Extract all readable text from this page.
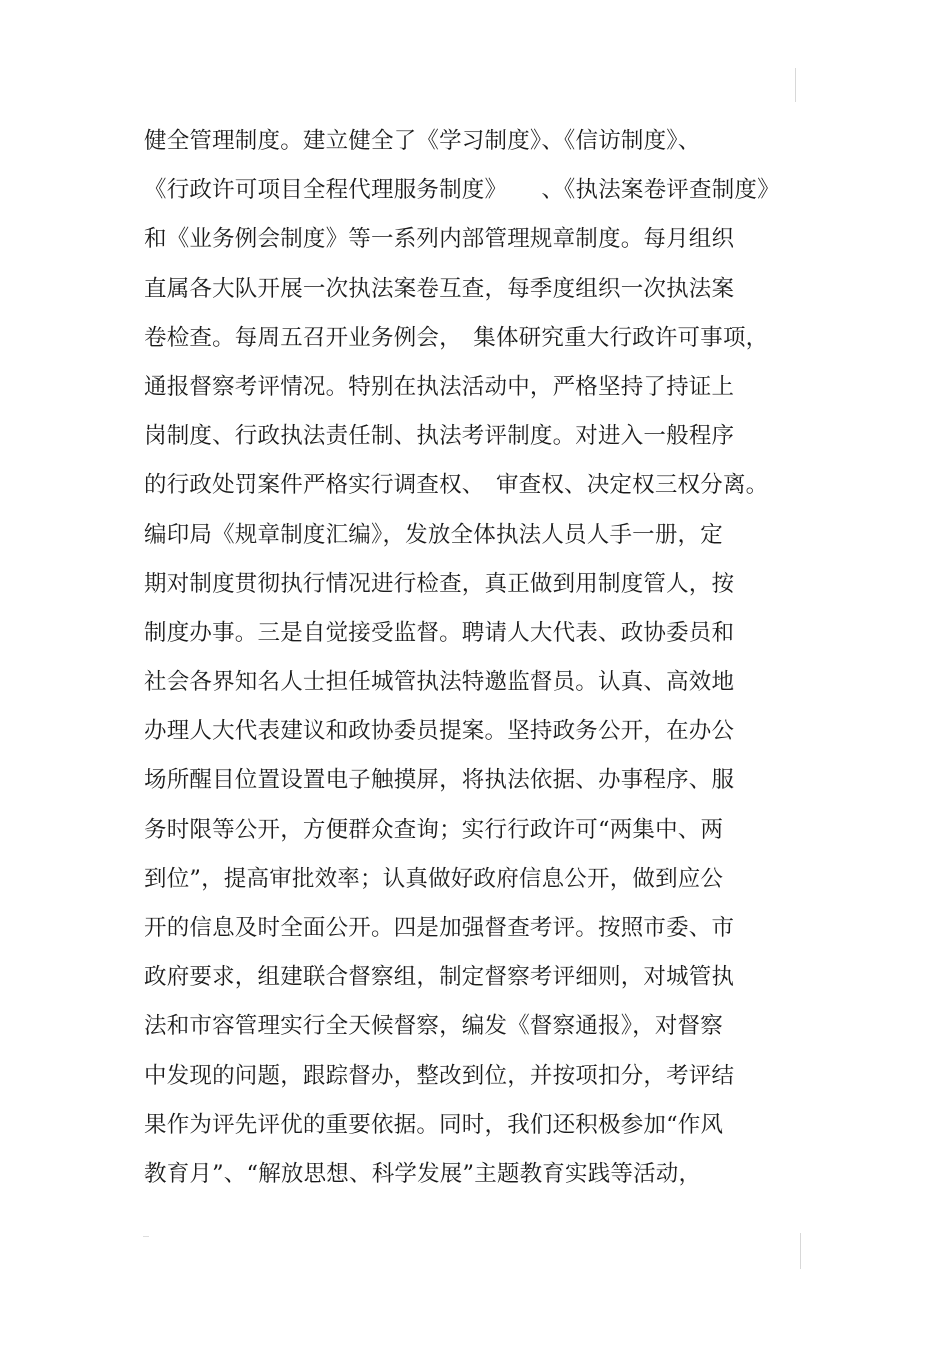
健全管理制度。建立健全了《学习制度》、《信访制度》、
《行政许可项目全程代理服务制度》　　、《执法案卷评查制度》
和《业务例会制度》等一系列内部管理规章制度。每月组织
直属各大队开展一次执法案卷互查，每季度组织一次执法案
卷检查。每周五召开业务例会，　集体研究重大行政许可事项，
通报督察考评情况。特别在执法活动中，严格坚持了持证上
岗制度、行政执法责任制、执法考评制度。对进入一般程序
的行政处罚案件严格实行调查权、　审查权、决定权三权分离。
编印局《规章制度汇编》，发放全体执法人员人手一册，定
期对制度贯彻执行情况进行检查，真正做到用制度管人，按
制度办事。三是自觉接受监督。聘请人大代表、政协委员和
社会各界知名人士担任城管执法特邀监督员。认真、高效地
办理人大代表建议和政协委员提案。坚持政务公开，在办公
场所醒目位置设置电子触摸屏，将执法依据、办事程序、服
务时限等公开，方便群众查询；实行行政许可“两集中、两
到位”，提高审批效率；认真做好政府信息公开，做到应公
开的信息及时全面公开。四是加强督查考评。按照市委、市
政府要求，组建联合督察组，制定督察考评细则，对城管执
法和市容管理实行全天候督察，编发《督察通报》，对督察
中发现的问题，跟踪督办，整改到位，并按项扣分，考评结
果作为评先评优的重要依据。同时，我们还积极参加“作风
教育月”、“解放思想、科学发展”主题教育实践等活动，
